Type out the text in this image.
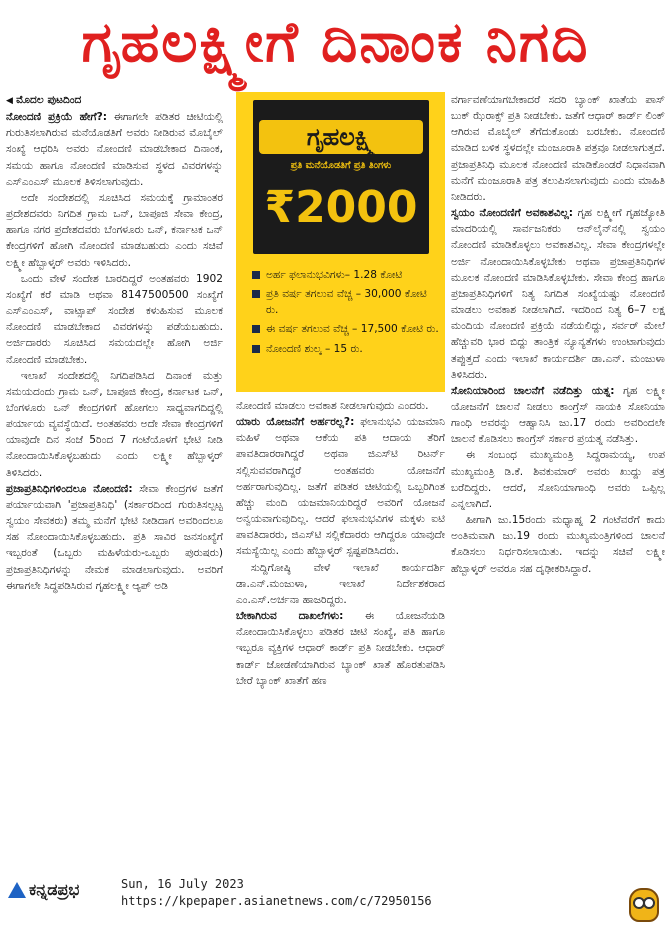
ಗೃಹಲಕ್ಷ್ಮೀಗೆ ದಿನಾಂಕ ನಿಗದಿ

◀ ಮೊದಲ ಪುಟದಿಂದ

ನೋಂದಣಿ ಪ್ರಕ್ರಿಯೆ ಹೇಗೆ?: ಈಗಾಗಲೇ ಪಡಿತರ ಚೀಟಿಯಲ್ಲಿ ಗುರುತಿಸಲಾಗಿರುವ ಮನೆಯೊಡತಿಗೆ ಅವರು ನೀಡಿರುವ ಮೊಬೈಲ್ ಸಂಖ್ಯೆ ಆಧರಿಸಿ ಅವರು ನೋಂದಣಿ ಮಾಡಬೇಕಾದ ದಿನಾಂಕ, ಸಮಯ ಹಾಗೂ ನೋಂದಣಿ ಮಾಡಿಸುವ ಸ್ಥಳದ ವಿವರಗಳನ್ನು ಎಸ್‌ಎಂಎಸ್ ಮೂಲಕ ತಿಳಿಸಲಾಗುವುದು.

ಅದೇ ಸಂದೇಶದಲ್ಲಿ ಸೂಚಿಸಿದ ಸಮಯಕ್ಕೆ ಗ್ರಾಮಾಂತರ ಪ್ರದೇಶದವರು ನಿಗದಿತ ಗ್ರಾಮ ಒನ್, ಬಾಪೂಜಿ ಸೇವಾ ಕೇಂದ್ರ, ಹಾಗೂ ನಗರ ಪ್ರದೇಶದವರು ಬೆಂಗಳೂರು ಒನ್, ಕರ್ನಾಟಕ ಒನ್ ಕೇಂದ್ರಗಳಿಗೆ ಹೋಗಿ ನೋಂದಣಿ ಮಾಡಬಹುದು ಎಂದು ಸಚಿವೆ ಲಕ್ಷ್ಮೀ ಹೆಬ್ಬಾಳ್ಕರ್ ಅವರು ಇಳಿಸಿದರು.

ಒಂದು ವೇಳೆ ಸಂದೇಶ ಬಾರದಿದ್ದರೆ ಅಂತಹವರು 1902 ಸಂಖ್ಯೆಗೆ ಕರೆ ಮಾಡಿ ಅಥವಾ 8147500500 ಸಂಖ್ಯೆಗೆ ಎಸ್‌ಎಂಎಸ್, ವಾಟ್ಸಾಪ್ ಸಂದೇಶ ಕಳುಹಿಸುವ ಮೂಲಕ ನೋಂದಣಿ ಮಾಡಬೇಕಾದ ವಿವರಗಳನ್ನು ಪಡೆಯಬಹುದು. ಅರ್ಜಿದಾರರು ಸೂಚಿಸಿದ ಸಮಯದಲ್ಲೇ ಹೋಗಿ ಅರ್ಜಿ ನೋಂದಣಿ ಮಾಡಬೇಕು.

ಇಲಾಖೆ ಸಂದೇಶದಲ್ಲಿ ನಿಗದಿಪಡಿಸಿದ ದಿನಾಂಕ ಮತ್ತು ಸಮಯದಂದು ಗ್ರಾಮ ಒನ್, ಬಾಪೂಜಿ ಕೇಂದ್ರ, ಕರ್ನಾಟಕ ಒನ್, ಬೆಂಗಳೂರು ಒನ್ ಕೇಂದ್ರಗಳಿಗೆ ಹೋಗಲು ಸಾಧ್ಯವಾಗದಿದ್ದಲ್ಲಿ ಪರ್ಯಾಯ ವ್ಯವಸ್ಥೆಯಿದೆ. ಅಂತಹವರು ಅದೇ ಸೇವಾ ಕೇಂದ್ರಗಳಿಗೆ ಯಾವುದೇ ದಿನ ಸಂಜೆ 5ರಿಂದ 7 ಗಂಟೆಯೊಳಗೆ ಭೇಟಿ ನೀಡಿ ನೋಂದಾಯಿಸಿಕೊಳ್ಳಬಹುದು ಎಂದು ಲಕ್ಷ್ಮೀ ಹೆಬ್ಬಾಳ್ಕರ್ ತಿಳಿಸಿದರು.

ಪ್ರಜಾಪ್ರತಿನಿಧಿಗಳಿಂದಲೂ ನೋಂದಣಿ: ಸೇವಾ ಕೇಂದ್ರಗಳ ಜತೆಗೆ ಪರ್ಯಾಯವಾಗಿ 'ಪ್ರಜಾಪ್ರತಿನಿಧಿ' (ಸರ್ಕಾರದಿಂದ ಗುರುತಿಸಲ್ಪಟ್ಟ ಸ್ವಯಂ ಸೇವಕರು) ತಮ್ಮ ಮನೆಗೆ ಭೇಟಿ ನೀಡಿದಾಗ ಅವರಿಂದಲೂ ಸಹ ನೋಂದಾಯಿಸಿಕೊಳ್ಳಬಹುದು. ಪ್ರತಿ ಸಾವಿರ ಜನಸಂಖ್ಯೆಗೆ ಇಬ್ಬರಂತೆ (ಒಬ್ಬರು ಮಹಿಳೆಯರು-ಒಬ್ಬರು ಪುರುಷರು) ಪ್ರಜಾಪ್ರತಿನಿಧಿಗಳನ್ನು ನೇಮಕ ಮಾಡಲಾಗುವುದು. ಅವರಿಗೆ ಈಗಾಗಲೇ ಸಿದ್ಧಪಡಿಸಿರುವ ಗೃಹಲಕ್ಷ್ಮೀ ಆ್ಯಪ್ ಅಡಿ

ಗೃಹಲಕ್ಷ್ಮಿ
ಪ್ರತಿ ಮನೆಯೊಡತಿಗೆ ಪ್ರತಿ ತಿಂಗಳು
₹2000
ಅರ್ಹ ಫಲಾನುಭವಿಗಳು– 1.28 ಕೋಟಿ
ಪ್ರತಿ ವರ್ಷ ತಗಲುವ ವೆಚ್ಚ – 30,000 ಕೋಟಿ ರು.
ಈ ವರ್ಷ ತಗಲುವ ವೆಚ್ಚ – 17,500 ಕೋಟಿ ರು.
ನೋಂದಣಿ ಶುಲ್ಕ – 15 ರು.

ನೋಂದಣಿ ಮಾಡಲು ಅವಕಾಶ ನೀಡಲಾಗುವುದು ಎಂದರು.

ಯಾರು ಯೋಜನೆಗೆ ಅರ್ಹರಲ್ಲ?: ಫಲಾನುಭವಿ ಯಜಮಾನಿ ಮಹಿಳೆ ಅಥವಾ ಆಕೆಯ ಪತಿ ಆದಾಯ ತೆರಿಗೆ ಪಾವತಿದಾರರಾಗಿದ್ದರೆ ಅಥವಾ ಜಿಎಸ್‌ಟಿ ರಿಟರ್ನ್ ಸಲ್ಲಿಸುವವರಾಗಿದ್ದರೆ ಅಂತಹವರು ಯೋಜನೆಗೆ ಅರ್ಹರಾಗುವುದಿಲ್ಲ. ಜತೆಗೆ ಪಡಿತರ ಚೀಟಿಯಲ್ಲಿ ಒಬ್ಬರಿಗಿಂತ ಹೆಚ್ಚು ಮಂದಿ ಯಜಮಾನಿಯರಿದ್ದರೆ ಅವರಿಗೆ ಯೋಜನೆ ಅನ್ವಯವಾಗುವುದಿಲ್ಲ. ಆದರೆ ಫಲಾನುಭವಿಗಳ ಮಕ್ಕಳು ಐಟಿ ಪಾವತಿದಾರರು, ಜಿಎಸ್‌ಟಿ ಸಲ್ಲಿಕೆದಾರರು ಆಗಿದ್ದರೂ ಯಾವುದೇ ಸಮಸ್ಯೆಯಿಲ್ಲ ಎಂದು ಹೆಬ್ಬಾಳ್ಕರ್ ಸ್ಪಷ್ಟಪಡಿಸಿದರು.

ಸುದ್ದಿಗೋಷ್ಠಿ ವೇಳೆ ಇಲಾಖೆ ಕಾರ್ಯದರ್ಶಿ ಡಾ.ಎನ್.ಮಂಜುಳಾ, ಇಲಾಖೆ ನಿರ್ದೇಶಕರಾದ ಎಂ.ಎಸ್.ಅರ್ಚನಾ ಹಾಜರಿದ್ದರು.

ಬೇಕಾಗಿರುವ ದಾಖಲೆಗಳು: ಈ ಯೋಜನೆಯಡಿ ನೋಂದಾಯಿಸಿಕೊಳ್ಳಲು ಪಡಿತರ ಚೀಟಿ ಸಂಖ್ಯೆ, ಪತಿ ಹಾಗೂ ಇಬ್ಬರೂ ವ್ಯಕ್ತಿಗಳ ಆಧಾರ್ ಕಾರ್ಡ್ ಪ್ರತಿ ನೀಡಬೇಕು. ಆಧಾರ್ ಕಾರ್ಡ್ ಜೋಡಣೆಯಾಗಿರುವ ಬ್ಯಾಂಕ್ ಖಾತೆ ಹೊರತುಪಡಿಸಿ ಬೇರೆ ಬ್ಯಾಂಕ್ ಖಾತೆಗೆ ಹಣ

ವರ್ಗಾವಣೆಯಾಗಬೇಕಾದರೆ ಸದರಿ ಬ್ಯಾಂಕ್ ಖಾತೆಯ ಪಾಸ್ ಬುಕ್ ಝೆರಾಕ್ಸ್ ಪ್ರತಿ ನೀಡಬೇಕು. ಜತೆಗೆ ಆಧಾರ್ ಕಾರ್ಡ್ ಲಿಂಕ್ ಆಗಿರುವ ಮೊಬೈಲ್ ತೆಗೆದುಕೊಂಡು ಬರಬೇಕು. ನೋಂದಣಿ ಮಾಡಿದ ಬಳಿಕ ಸ್ಥಳದಲ್ಲೇ ಮಂಜೂರಾತಿ ಪತ್ರವೂ ನೀಡಲಾಗುತ್ತದೆ. ಪ್ರಜಾಪ್ರತಿನಿಧಿ ಮೂಲಕ ನೋಂದಣಿ ಮಾಡಿಕೊಂಡರೆ ನಿಧಾನವಾಗಿ ಮನೆಗೆ ಮಂಜೂರಾತಿ ಪತ್ರ ತಲುಪಿಸಲಾಗುವುದು ಎಂದು ಮಾಹಿತಿ ನೀಡಿದರು.

ಸ್ವಯಂ ನೋಂದಣಿಗೆ ಅವಕಾಶವಿಲ್ಲ: ಗೃಹ ಲಕ್ಷ್ಮೀಗೆ ಗೃಹಜ್ಯೋತಿ ಮಾದರಿಯಲ್ಲಿ ಸಾರ್ವಜನಿಕರು ಆನ್‌ಲೈನ್‌ನಲ್ಲಿ ಸ್ವಯಂ ನೋಂದಣಿ ಮಾಡಿಕೊಳ್ಳಲು ಅವಕಾಶವಿಲ್ಲ. ಸೇವಾ ಕೇಂದ್ರಗಳಲ್ಲೇ ಅರ್ಜಿ ನೋಂದಾಯಿಸಿಕೊಳ್ಳಬೇಕು ಅಥವಾ ಪ್ರಜಾಪ್ರತಿನಿಧಿಗಳ ಮೂಲಕ ನೋಂದಣಿ ಮಾಡಿಸಿಕೊಳ್ಳಬೇಕು. ಸೇವಾ ಕೇಂದ್ರ ಹಾಗೂ ಪ್ರಜಾಪ್ರತಿನಿಧಿಗಳಿಗೆ ನಿತ್ಯ ನಿಗದಿತ ಸಂಖ್ಯೆಯಷ್ಟು ನೋಂದಣಿ ಮಾಡಲು ಅವಕಾಶ ನೀಡಲಾಗಿದೆ. ಇದರಿಂದ ನಿತ್ಯ 6–7 ಲಕ್ಷ ಮಂದಿಯ ನೋಂದಣಿ ಪ್ರಕ್ರಿಯೆ ನಡೆಯಲಿದ್ದು, ಸರ್ವರ್ ಮೇಲೆ ಹೆಚ್ಚುವರಿ ಭಾರ ಬಿದ್ದು ತಾಂತ್ರಿಕ ನ್ಯೂನ್ಯತೆಗಳು ಉಂಟಾಗುವುದು ತಪ್ಪುತ್ತದೆ ಎಂದು ಇಲಾಖೆ ಕಾರ್ಯದರ್ಶಿ ಡಾ.ಎನ್. ಮಂಜುಳಾ ತಿಳಿಸಿದರು.

ಸೋನಿಯಾರಿಂದ ಚಾಲನೆಗೆ ನಡೆದಿತ್ತು ಯತ್ನ: ಗೃಹ ಲಕ್ಷ್ಮೀ ಯೋಜನೆಗೆ ಚಾಲನೆ ನೀಡಲು ಕಾಂಗ್ರೆಸ್ ನಾಯಕಿ ಸೋನಿಯಾ ಗಾಂಧಿ ಅವರನ್ನು ಆಹ್ವಾನಿಸಿ ಜು.17 ರಂದು ಅವರಿಂದಲೇ ಚಾಲನೆ ಕೊಡಿಸಲು ಕಾಂಗ್ರೆಸ್ ಸರ್ಕಾರ ಪ್ರಯತ್ನ ನಡೆಸಿತ್ತು.

ಈ ಸಂಬಂಧ ಮುಖ್ಯಮಂತ್ರಿ ಸಿದ್ದರಾಮಯ್ಯ, ಉಪ ಮುಖ್ಯಮಂತ್ರಿ ಡಿ.ಕೆ. ಶಿವಕುಮಾರ್ ಅವರು ಖುದ್ದು ಪತ್ರ ಬರೆದಿದ್ದರು. ಆದರೆ, ಸೋನಿಯಾಗಾಂಧಿ ಅವರು ಒಪ್ಪಿಲ್ಲ ಎನ್ನಲಾಗಿದೆ.

ಹೀಗಾಗಿ ಜು.15ರಂದು ಮಧ್ಯಾಹ್ನ 2 ಗಂಟೆವರೆಗೆ ಕಾದು ಅಂತಿಮವಾಗಿ ಜು.19 ರಂದು ಮುಖ್ಯಮಂತ್ರಿಗಳಿಂದ ಚಾಲನೆ ಕೊಡಿಸಲು ನಿರ್ಧರಿಸಲಾಯಿತು. ಇದನ್ನು ಸಚಿವೆ ಲಕ್ಷ್ಮೀ ಹೆಬ್ಬಾಳ್ಕರ್ ಅವರೂ ಸಹ ದೃಢೀಕರಿಸಿದ್ದಾರೆ.

ಕನ್ನಡಪ್ರಭ	Sun, 16 July 2023
https://kpepaper.asianetnews.com/c/72950156
